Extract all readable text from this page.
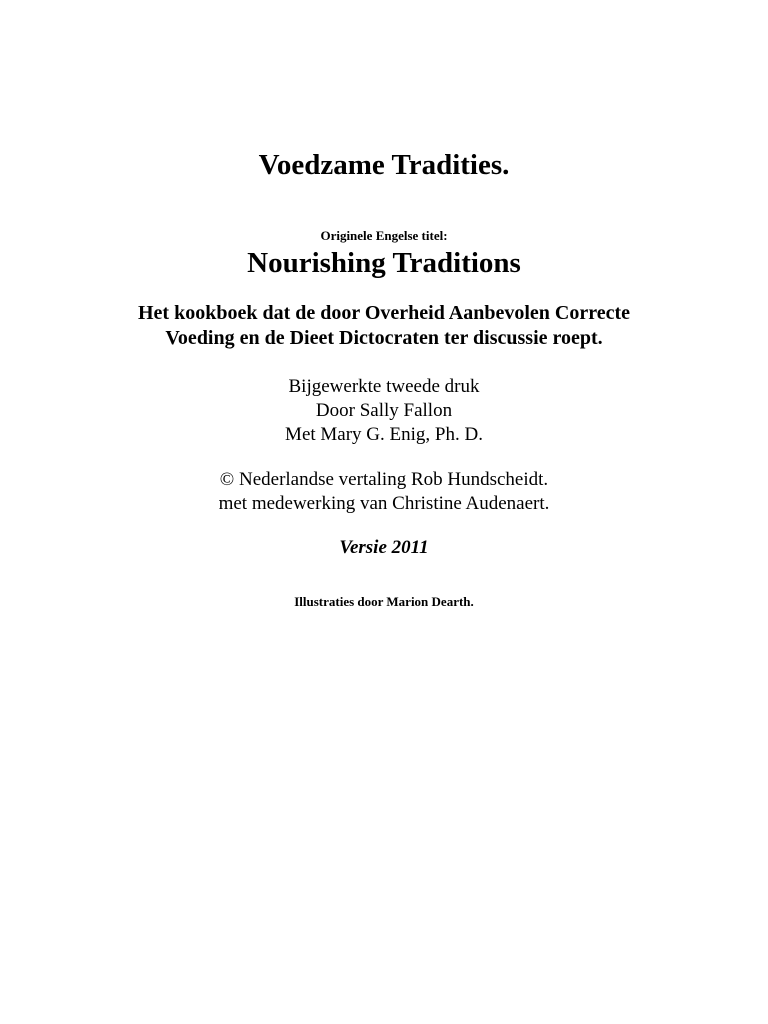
Voedzame Tradities.
Originele Engelse titel:
Nourishing Traditions
Het kookboek dat de door Overheid Aanbevolen Correcte
Voeding en de Dieet Dictocraten ter discussie roept.
Bijgewerkte tweede druk
Door Sally Fallon
Met Mary G. Enig, Ph. D.
© Nederlandse vertaling Rob Hundscheidt.
met medewerking van Christine Audenaert.
Versie 2011
Illustraties door Marion Dearth.
